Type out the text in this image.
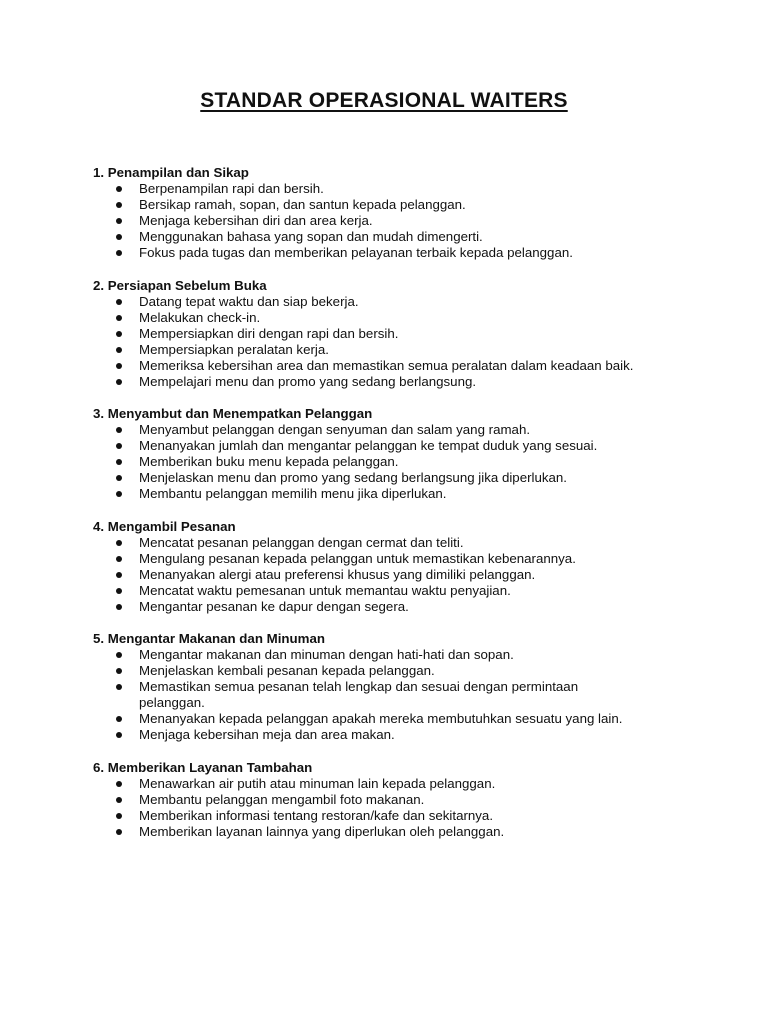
STANDAR OPERASIONAL WAITERS
1. Penampilan dan Sikap
Berpenampilan rapi dan bersih.
Bersikap ramah, sopan, dan santun kepada pelanggan.
Menjaga kebersihan diri dan area kerja.
Menggunakan bahasa yang sopan dan mudah dimengerti.
Fokus pada tugas dan memberikan pelayanan terbaik kepada pelanggan.
2. Persiapan Sebelum Buka
Datang tepat waktu dan siap bekerja.
Melakukan check-in.
Mempersiapkan diri dengan rapi dan bersih.
Mempersiapkan peralatan kerja.
Memeriksa kebersihan area dan memastikan semua peralatan dalam keadaan baik.
Mempelajari menu dan promo yang sedang berlangsung.
3. Menyambut dan Menempatkan Pelanggan
Menyambut pelanggan dengan senyuman dan salam yang ramah.
Menanyakan jumlah dan mengantar pelanggan ke tempat duduk yang sesuai.
Memberikan buku menu kepada pelanggan.
Menjelaskan menu dan promo yang sedang berlangsung jika diperlukan.
Membantu pelanggan memilih menu jika diperlukan.
4. Mengambil Pesanan
Mencatat pesanan pelanggan dengan cermat dan teliti.
Mengulang pesanan kepada pelanggan untuk memastikan kebenarannya.
Menanyakan alergi atau preferensi khusus yang dimiliki pelanggan.
Mencatat waktu pemesanan untuk memantau waktu penyajian.
Mengantar pesanan ke dapur dengan segera.
5. Mengantar Makanan dan Minuman
Mengantar makanan dan minuman dengan hati-hati dan sopan.
Menjelaskan kembali pesanan kepada pelanggan.
Memastikan semua pesanan telah lengkap dan sesuai dengan permintaan pelanggan.
Menanyakan kepada pelanggan apakah mereka membutuhkan sesuatu yang lain.
Menjaga kebersihan meja dan area makan.
6. Memberikan Layanan Tambahan
Menawarkan air putih atau minuman lain kepada pelanggan.
Membantu pelanggan mengambil foto makanan.
Memberikan informasi tentang restoran/kafe dan sekitarnya.
Memberikan layanan lainnya yang diperlukan oleh pelanggan.
